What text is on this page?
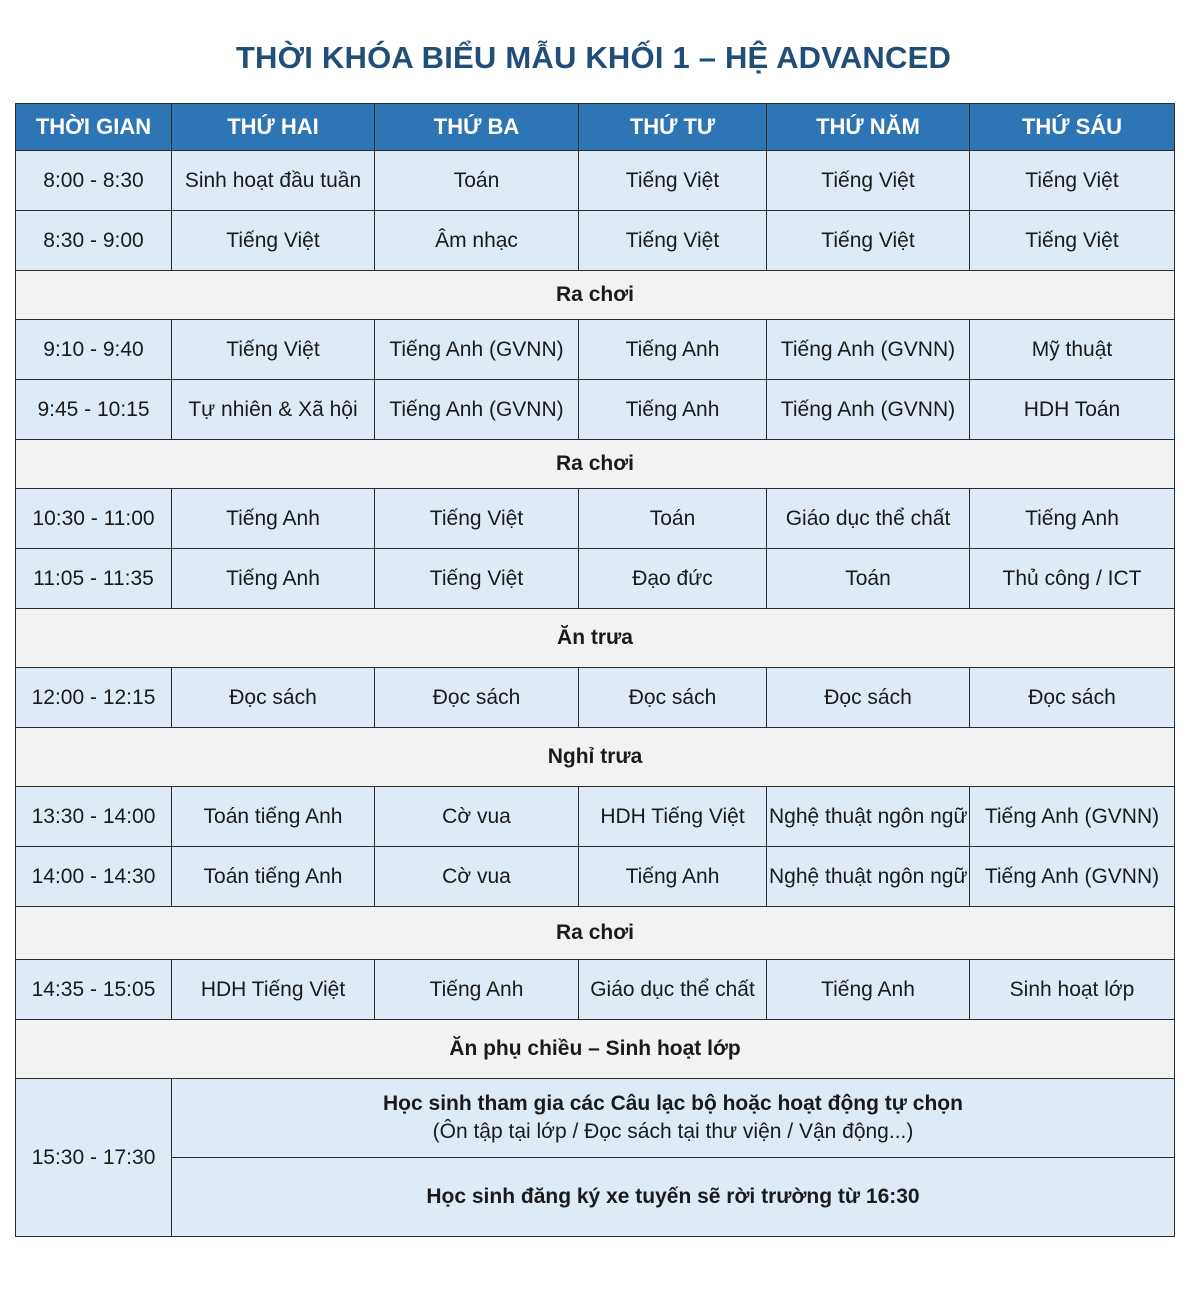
THỜI KHÓA BIỂU MẪU KHỐI 1 – HỆ ADVANCED
THỜI GIAN	THỨ HAI	THỨ BA	THỨ TƯ	THỨ NĂM	THỨ SÁU
8:00 - 8:30	Sinh hoạt đầu tuần	Toán	Tiếng Việt	Tiếng Việt	Tiếng Việt
8:30 - 9:00	Tiếng Việt	Âm nhạc	Tiếng Việt	Tiếng Việt	Tiếng Việt
Ra chơi					
9:10 - 9:40	Tiếng Việt	Tiếng Anh (GVNN)	Tiếng Anh	Tiếng Anh (GVNN)	Mỹ thuật
9:45 - 10:15	Tự nhiên & Xã hội	Tiếng Anh (GVNN)	Tiếng Anh	Tiếng Anh (GVNN)	HDH Toán
Ra chơi					
10:30 - 11:00	Tiếng Anh	Tiếng Việt	Toán	Giáo dục thể chất	Tiếng Anh
11:05 - 11:35	Tiếng Anh	Tiếng Việt	Đạo đức	Toán	Thủ công / ICT
Ăn trưa					
12:00 - 12:15	Đọc sách	Đọc sách	Đọc sách	Đọc sách	Đọc sách
Nghỉ trưa					
13:30 - 14:00	Toán tiếng Anh	Cờ vua	HDH Tiếng Việt	Nghệ thuật ngôn ngữ	Tiếng Anh (GVNN)
14:00 - 14:30	Toán tiếng Anh	Cờ vua	Tiếng Anh	Nghệ thuật ngôn ngữ	Tiếng Anh (GVNN)
Ra chơi					
14:35 - 15:05	HDH Tiếng Việt	Tiếng Anh	Giáo dục thể chất	Tiếng Anh	Sinh hoạt lớp
Ăn phụ chiều – Sinh hoạt lớp					
15:30 - 17:30	Học sinh tham gia các Câu lạc bộ hoặc hoạt động tự chọn
(Ôn tập tại lớp / Đọc sách tại thư viện / Vận động...)				

	Học sinh đăng ký xe tuyến sẽ rời trường từ 16:30				
